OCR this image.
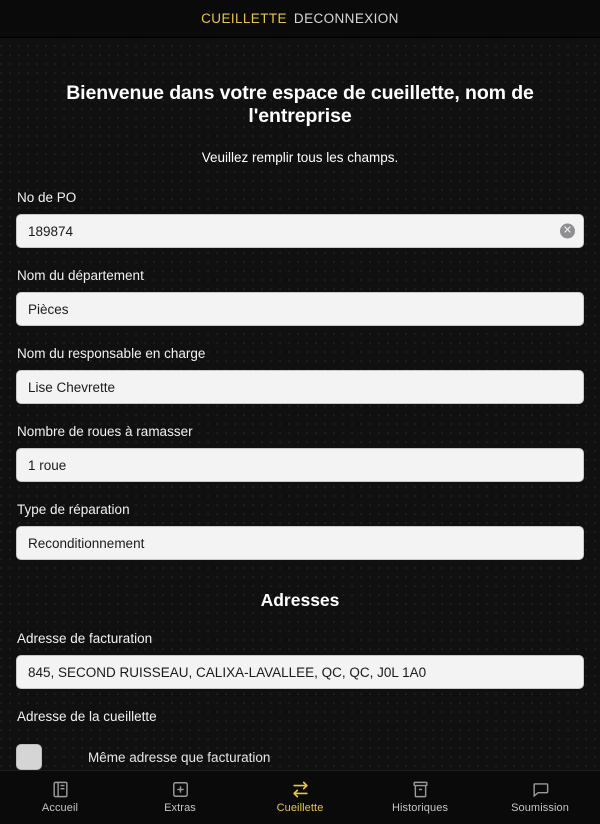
CUEILLETTE DECONNEXION
Bienvenue dans votre espace de cueillette, nom de l'entreprise

Veuillez remplir tous les champs.

No de PO
189874	✕
Nom du département
Pièces
Nom du responsable en charge
Lise Chevrette
Nombre de roues à ramasser
1 roue
Type de réparation
Reconditionnement
Adresses
Adresse de facturation
845, SECOND RUISSEAU, CALIXA-LAVALLEE, QC, QC, J0L 1A0
Adresse de la cueillette
Même adresse que facturation
Accueil	Extras	Cueillette	Historiques	Soumission
